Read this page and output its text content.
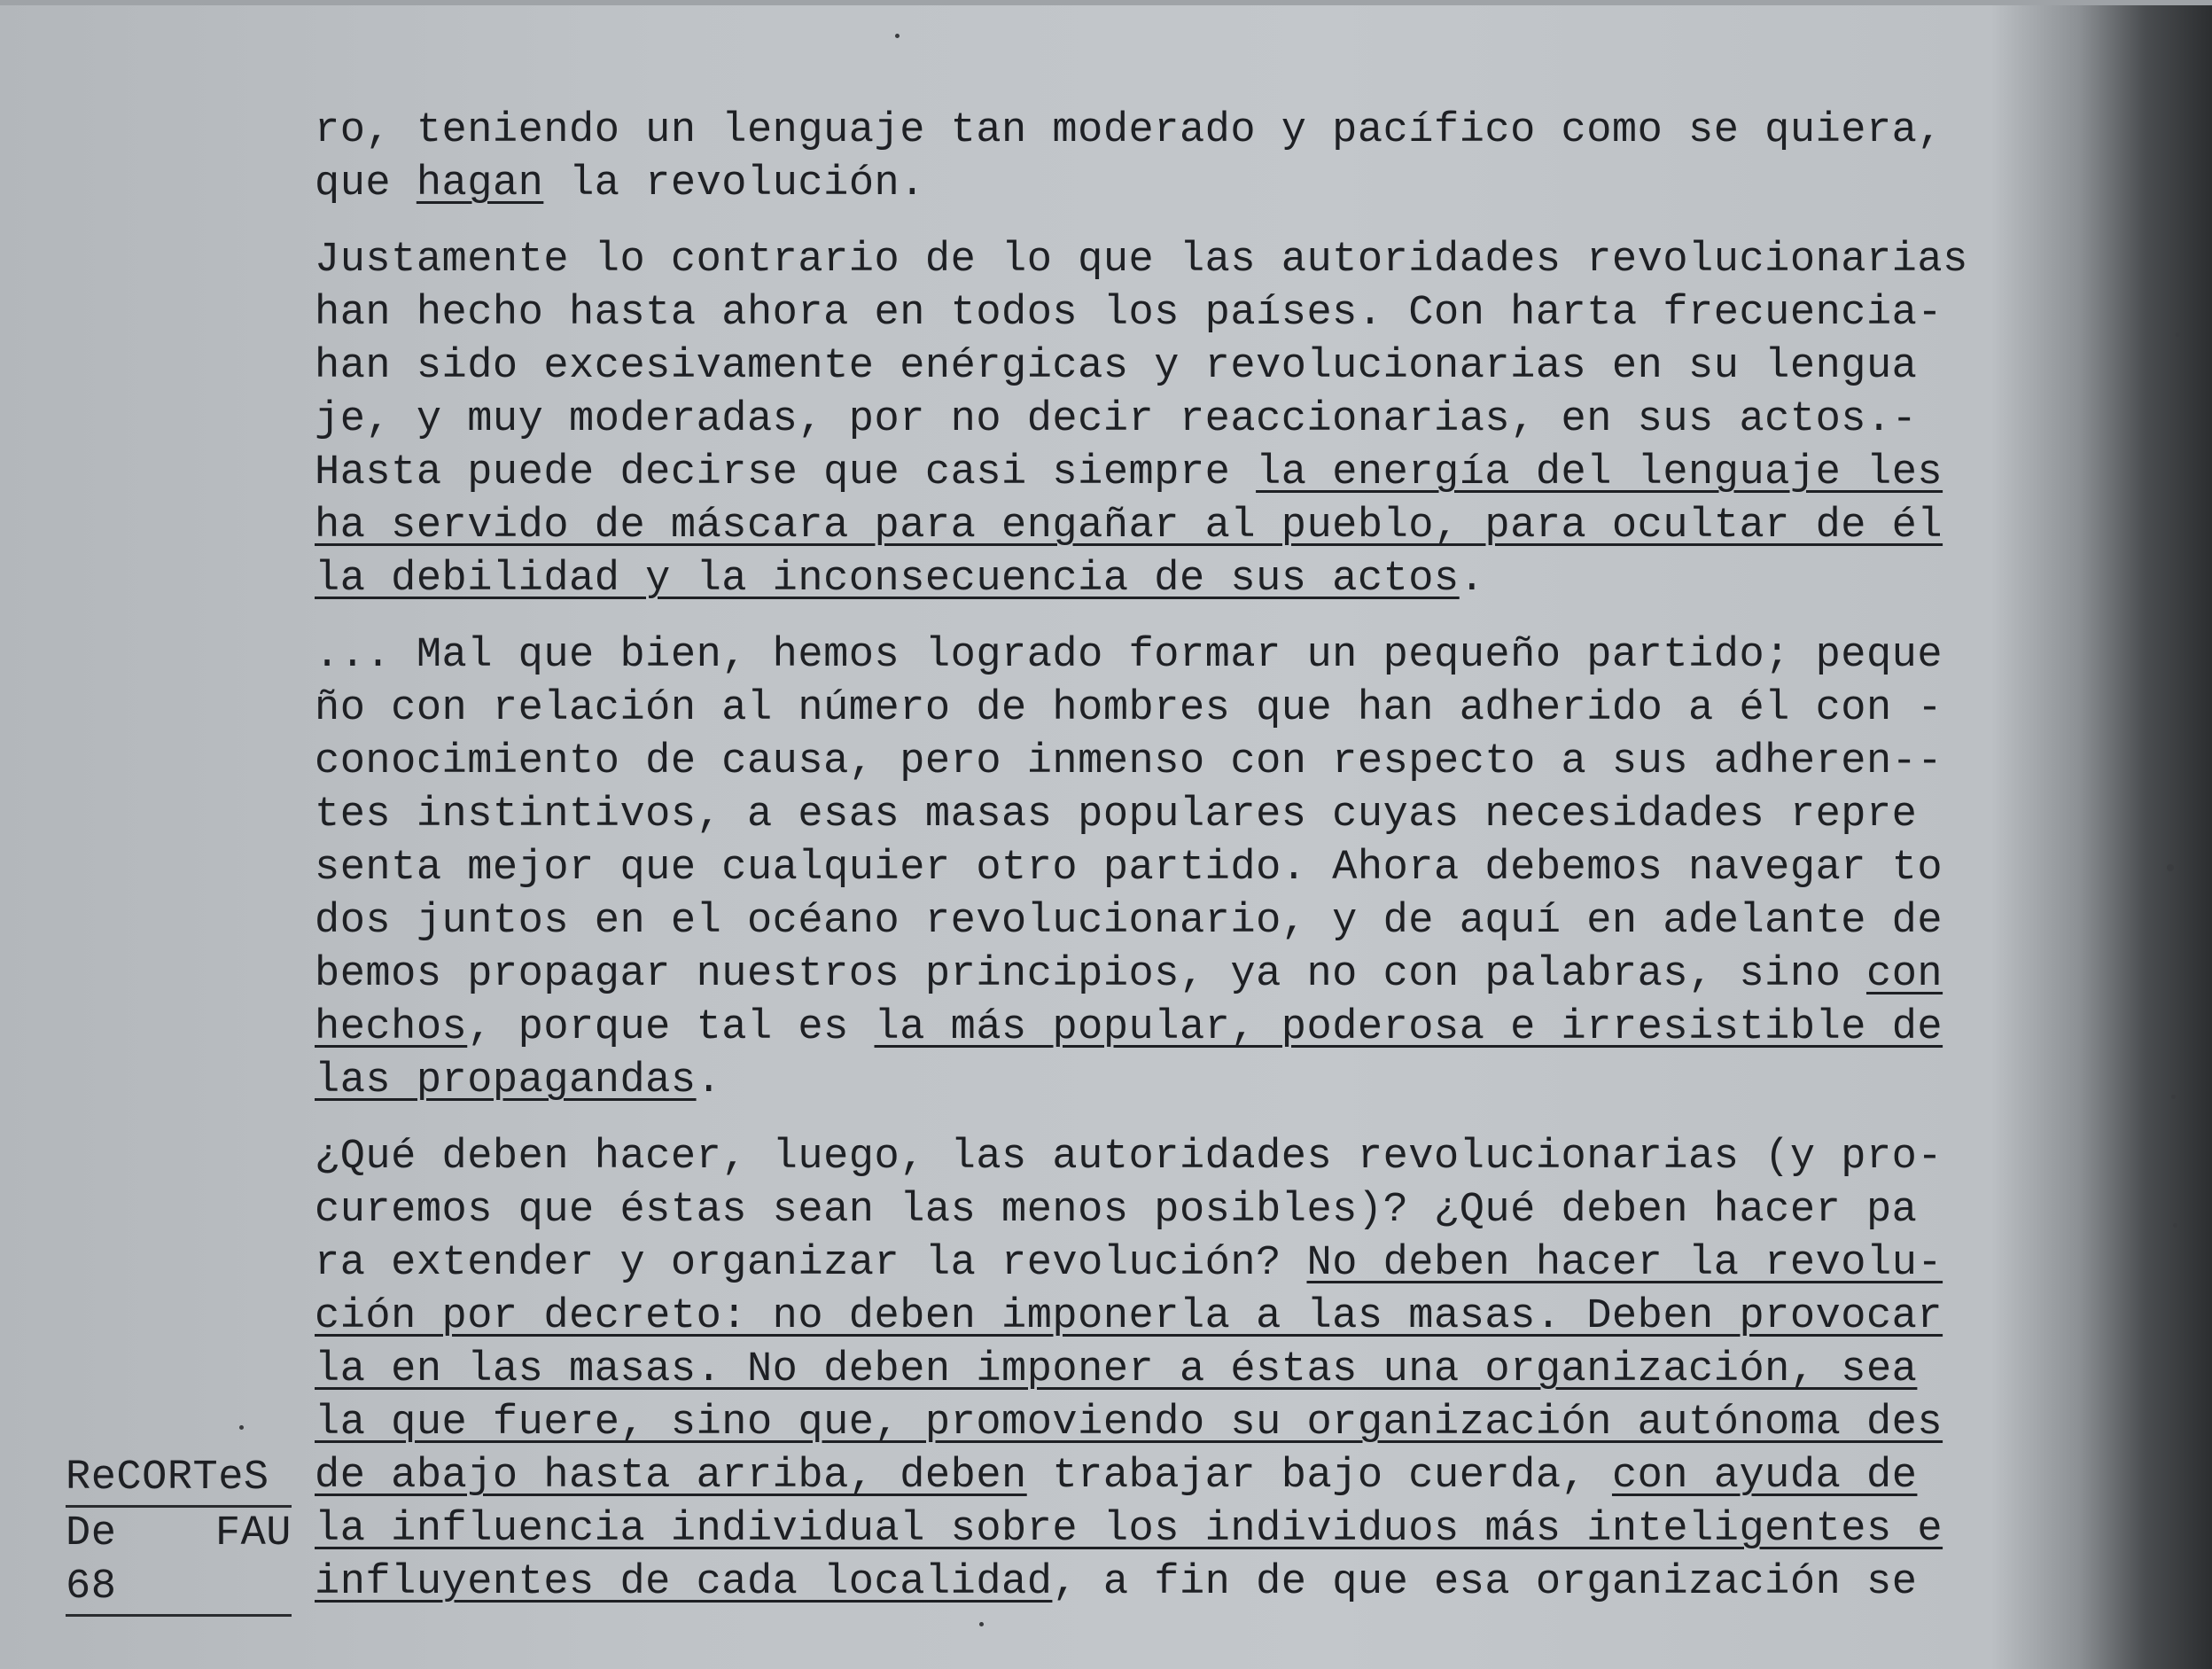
ro, teniendo un lenguaje tan moderado y pacífico como se quiera,
que hagan la revolución.

Justamente lo contrario de lo que las autoridades revolucionarias
han hecho hasta ahora en todos los países. Con harta frecuencia-
han sido excesivamente enérgicas y revolucionarias en su lengua
je, y muy moderadas, por no decir reaccionarias, en sus actos.-
Hasta puede decirse que casi siempre la energía del lenguaje les
ha servido de máscara para engañar al pueblo, para ocultar de él
la debilidad y la inconsecuencia de sus actos.

... Mal que bien, hemos logrado formar un pequeño partido; peque
ño con relación al número de hombres que han adherido a él con -
conocimiento de causa, pero inmenso con respecto a sus adheren--
tes instintivos, a esas masas populares cuyas necesidades repre
senta mejor que cualquier otro partido. Ahora debemos navegar to
dos juntos en el océano revolucionario, y de aquí en adelante de
bemos propagar nuestros principios, ya no con palabras, sino con
hechos, porque tal es la más popular, poderosa e irresistible de
las propagandas.

¿Qué deben hacer, luego, las autoridades revolucionarias (y pro-
curemos que éstas sean las menos posibles)? ¿Qué deben hacer pa
ra extender y organizar la revolución? No deben hacer la revolu-
ción por decreto: no deben imponerla a las masas. Deben provocar
la en las masas. No deben imponer a éstas una organización, sea
la que fuere, sino que, promoviendo su organización autónoma des
de abajo hasta arriba, deben trabajar bajo cuerda, con ayuda de
la influencia individual sobre los individuos más inteligentes e
influyentes de cada localidad, a fin de que esa organización se

ReCORTeS
De FAU
68
